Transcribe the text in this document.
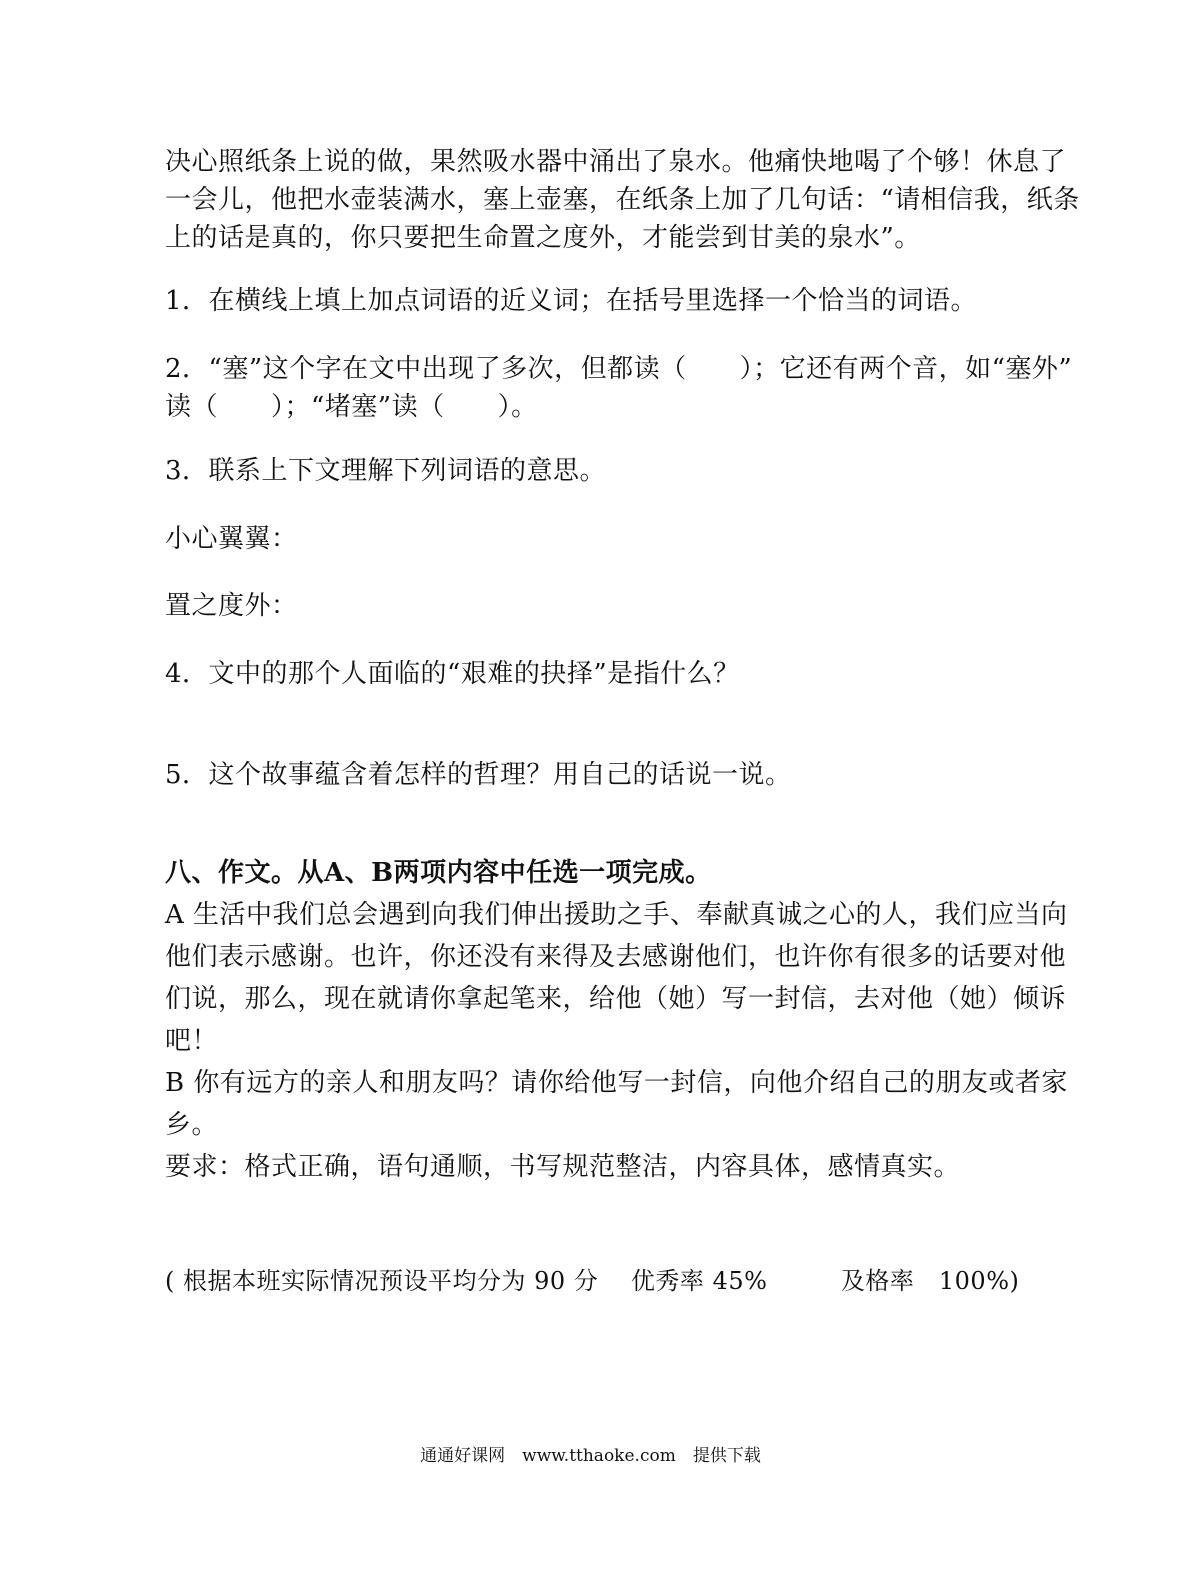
决心照纸条上说的做，果然吸水器中涌出了泉水。他痛快地喝了个够！休息了
一会儿，他把水壶装满水，塞上壶塞，在纸条上加了几句话：“请相信我，纸条
上的话是真的，你只要把生命置之度外，才能尝到甘美的泉水”。
1．在横线上填上加点词语的近义词；在括号里选择一个恰当的词语。
2．“塞”这个字在文中出现了多次，但都读（　　）；它还有两个音，如“塞外”
读（　　）；“堵塞”读（　　）。
3．联系上下文理解下列词语的意思。
小心翼翼：
置之度外：
4．文中的那个人面临的“艰难的抉择”是指什么？
5．这个故事蕴含着怎样的哲理？用自己的话说一说。
八、作文。从A、B两项内容中任选一项完成。
A 生活中我们总会遇到向我们伸出援助之手、奉献真诚之心的人，我们应当向
他们表示感谢。也许，你还没有来得及去感谢他们，也许你有很多的话要对他
们说，那么，现在就请你拿起笔来，给他（她）写一封信，去对他（她）倾诉
吧！
B 你有远方的亲人和朋友吗？请你给他写一封信，向他介绍自己的朋友或者家
乡。
要求：格式正确，语句通顺，书写规范整洁，内容具体，感情真实。
( 根据本班实际情况预设平均分为 90 分　 优秀率 45%　　　及格率　100%)
通通好课网　www.tthaoke.com　提供下载
